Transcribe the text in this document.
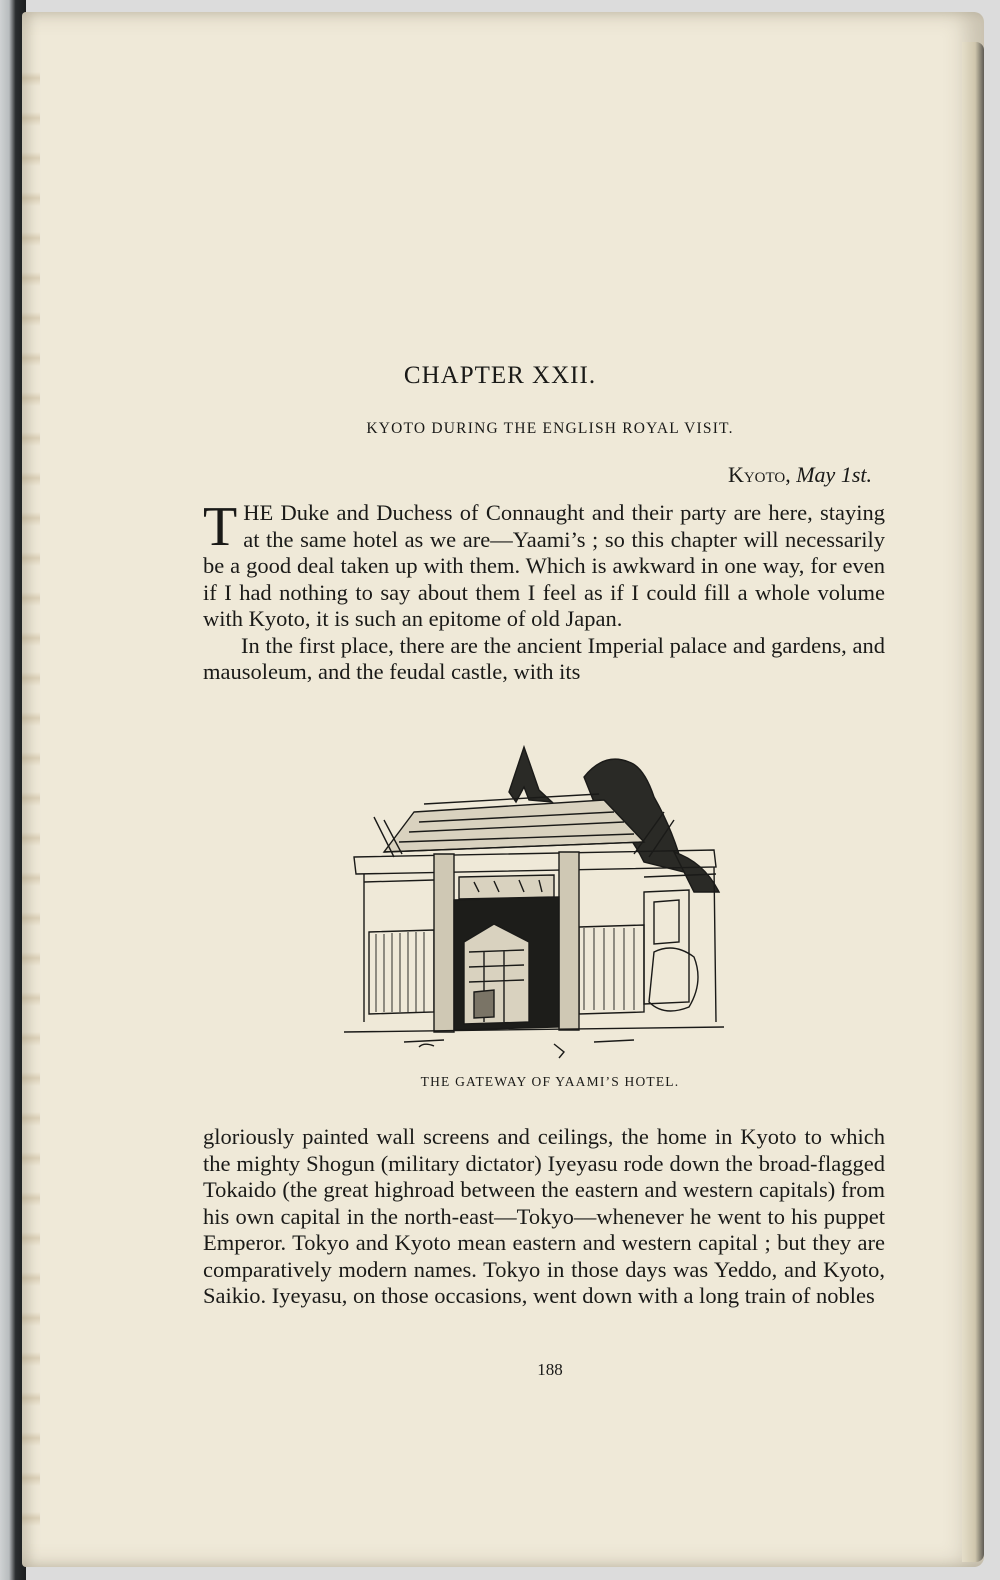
CHAPTER XXII.
KYOTO DURING THE ENGLISH ROYAL VISIT.
Kyoto, May 1st.

THE Duke and Duchess of Connaught and their party are here, staying at the same hotel as we are—Yaami’s ; so this chapter will necessarily be a good deal taken up with them. Which is awkward in one way, for even if I had nothing to say about them I feel as if I could fill a whole volume with Kyoto, it is such an epitome of old Japan.

In the first place, there are the ancient Imperial palace and gardens, and mausoleum, and the feudal castle, with its

THE GATEWAY OF YAAMI’S HOTEL.
gloriously painted wall screens and ceilings, the home in Kyoto to which the mighty Shogun (military dictator) Iyeyasu rode down the broad-flagged Tokaido (the great highroad between the eastern and western capitals) from his own capital in the north-east—Tokyo—whenever he went to his puppet Emperor. Tokyo and Kyoto mean eastern and western capital ; but they are comparatively modern names. Tokyo in those days was Yeddo, and Kyoto, Saikio. Iyeyasu, on those occasions, went down with a long train of nobles
188
